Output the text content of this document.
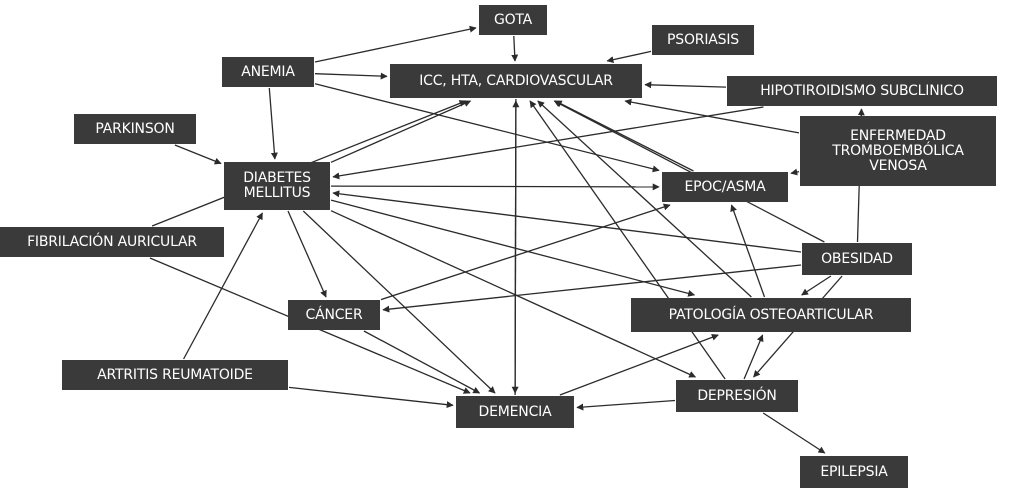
GOTA
PSORIASIS
ANEMIA
ICC, HTA, CARDIOVASCULAR
HIPOTIROIDISMO SUBCLINICO
PARKINSON	ENFERMEDAD
TROMBOEMBÓLICA
VENOSA
DIABETES
MELLITUS	EPOC/ASMA
FIBRILACIÓN AURICULAR
OBESIDAD
CÁNCER	PATOLOGÍA OSTEOARTICULAR
ARTRITIS REUMATOIDE
DEPRESIÓN
DEMENCIA
EPILEPSIA
